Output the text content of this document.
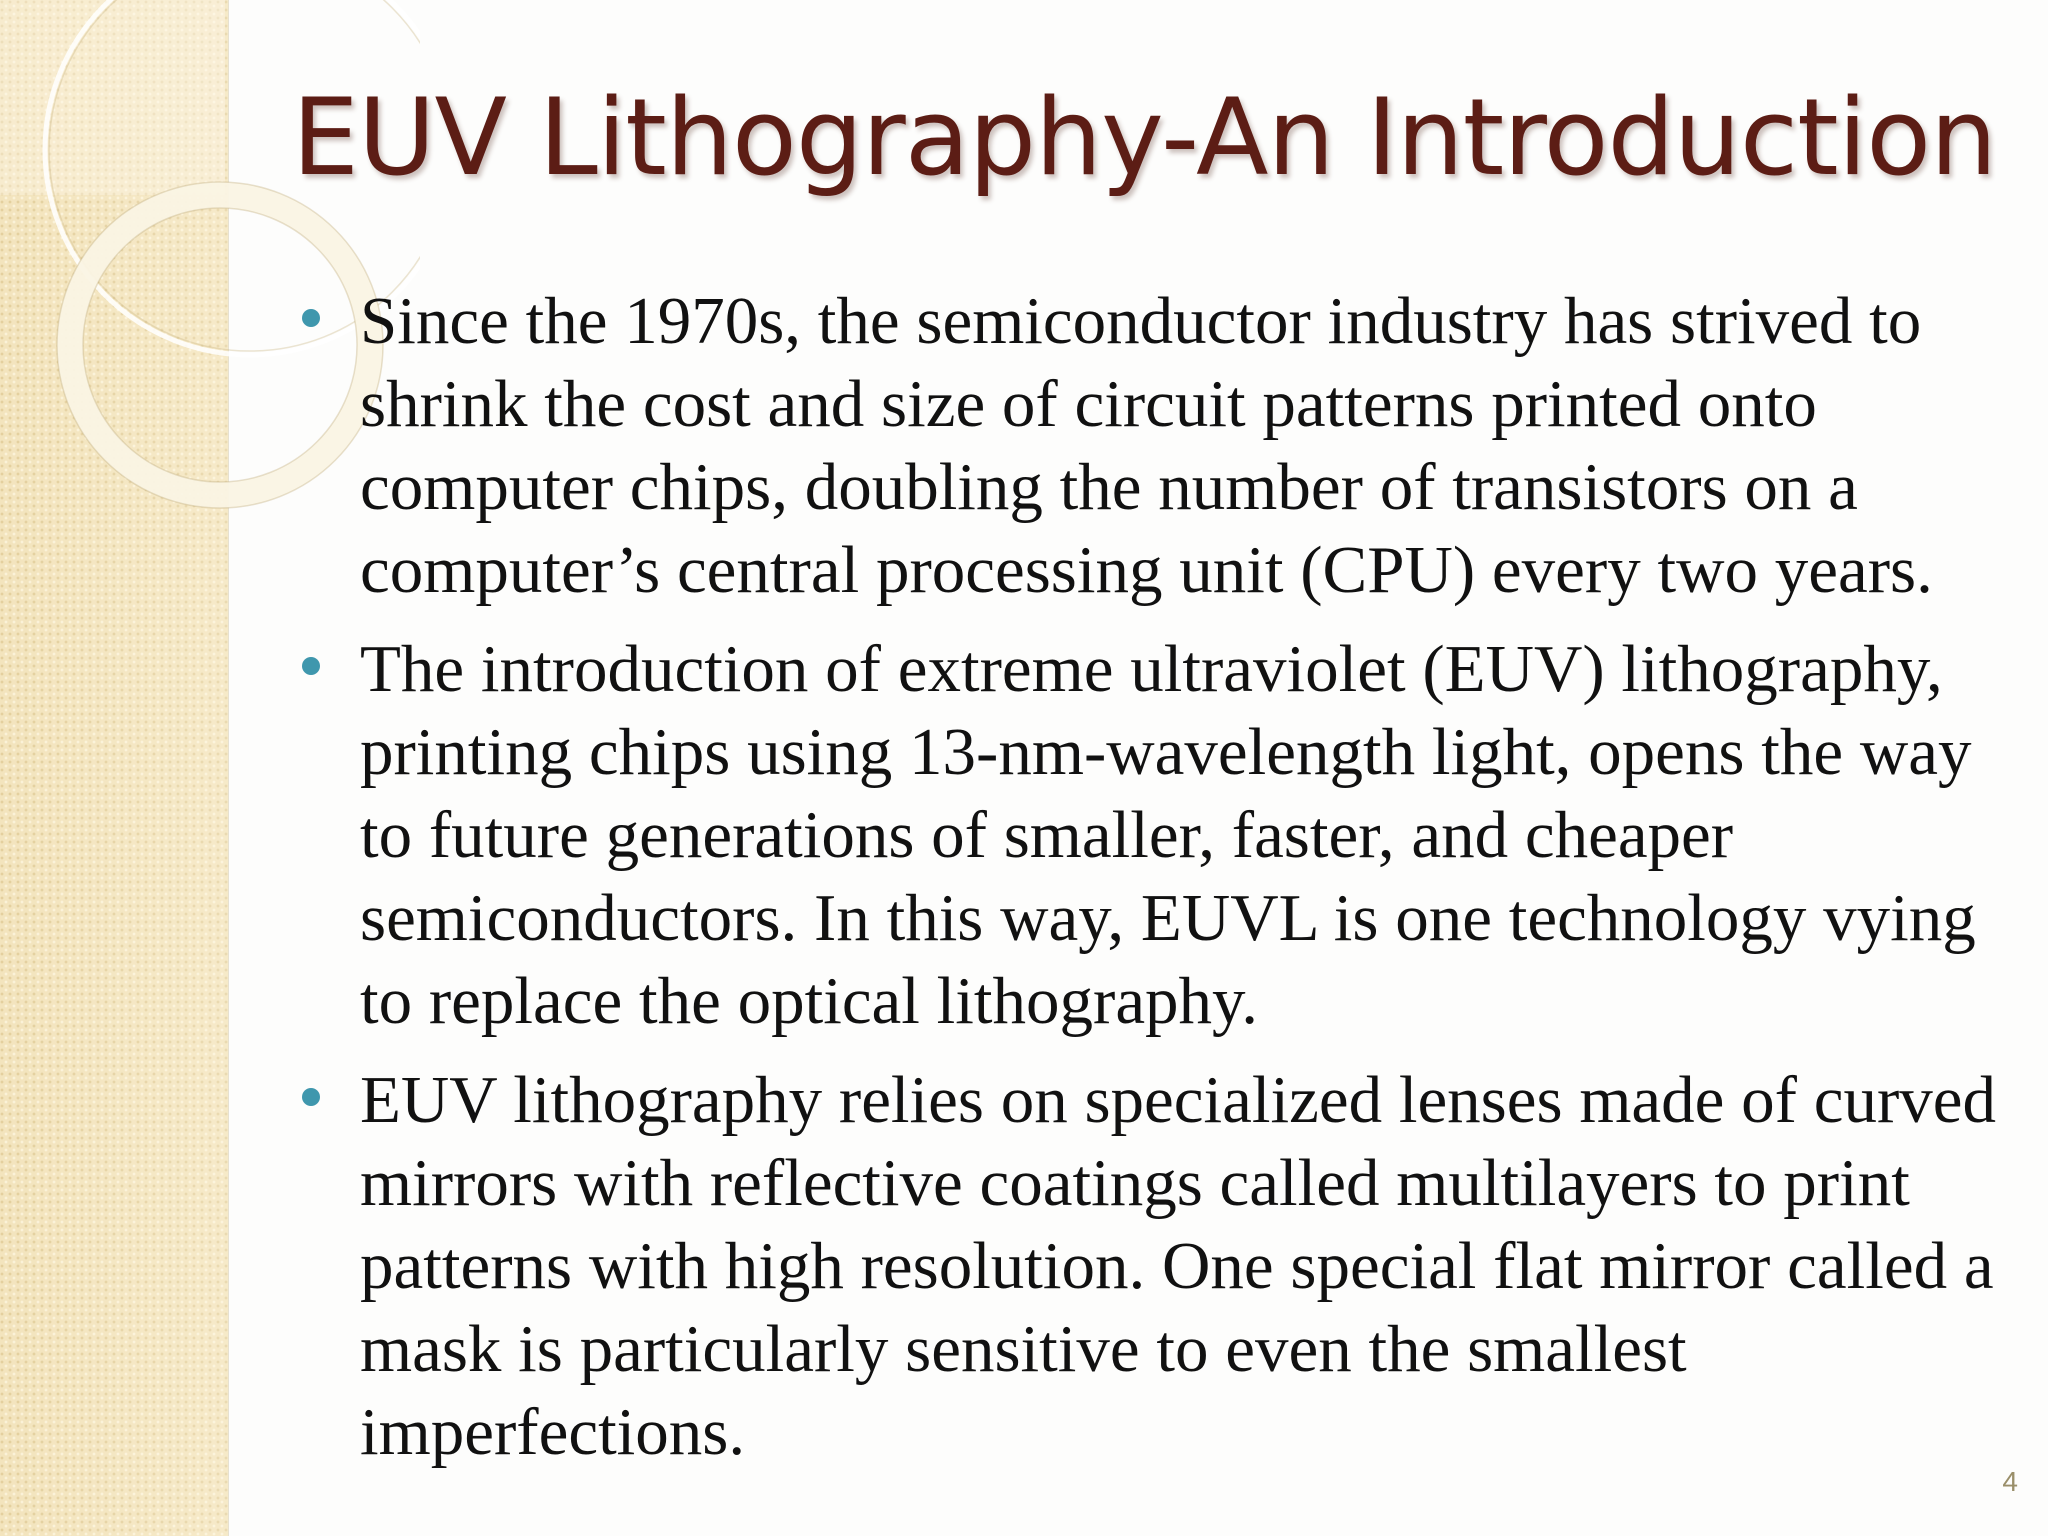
EUV Lithography-An Introduction
Since the 1970s, the semiconductor industry has strived to shrink the cost and size of circuit patterns printed onto computer chips, doubling the number of transistors on a computer’s central processing unit (CPU) every two years.
The introduction of extreme ultraviolet (EUV) lithography, printing chips using 13-nm-wavelength light, opens the way to future generations of smaller, faster, and cheaper semiconductors. In this way, EUVL is one technology vying to replace the optical lithography.
EUV lithography relies on specialized lenses made of curved mirrors with reflective coatings called multilayers to print patterns with high resolution. One special flat mirror called a mask is particularly sensitive to even the smallest imperfections.
4
